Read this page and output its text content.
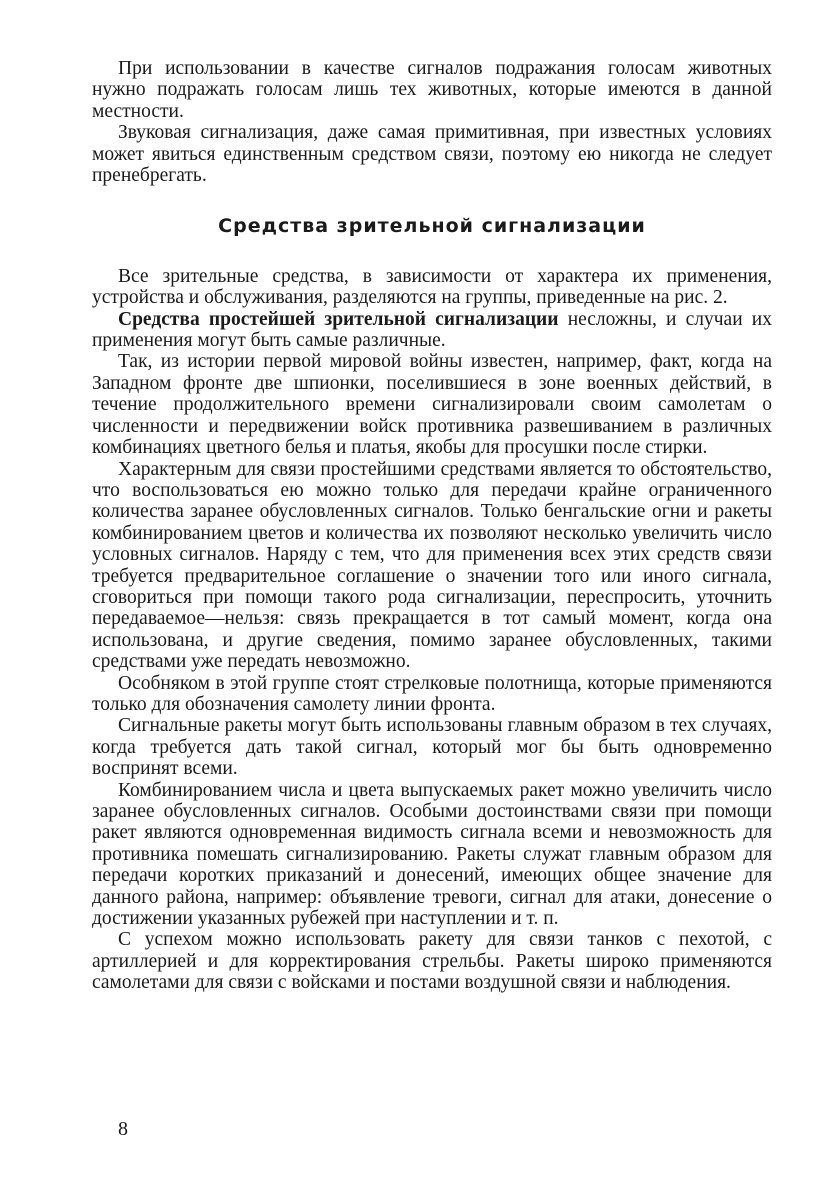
При использовании в качестве сигналов подражания голосам животных нужно подражать голосам лишь тех животных, которые имеются в данной местности.

Звуковая сигнализация, даже самая примитивная, при известных условиях может явиться единственным средством связи, поэтому ею никогда не следует пренебрегать.

Средства зрительной сигнализации

Все зрительные средства, в зависимости от характера их применения, устройства и обслуживания, разделяются на группы, приведенные на рис. 2.

Средства простейшей зрительной сигнализации несложны, и случаи их применения могут быть самые различные.

Так, из истории первой мировой войны известен, например, факт, когда на Западном фронте две шпионки, поселившиеся в зоне военных действий, в течение продолжительного времени сигнализировали своим самолетам о численности и передвижении войск противника развешиванием в различных комбинациях цветного белья и платья, якобы для просушки после стирки.

Характерным для связи простейшими средствами является то обстоятельство, что воспользоваться ею можно только для передачи крайне ограниченного количества заранее обусловленных сигналов. Только бенгальские огни и ракеты комбинированием цветов и количества их позволяют несколько увеличить число условных сигналов. Наряду с тем, что для применения всех этих средств связи требуется предварительное соглашение о значении того или иного сигнала, сговориться при помощи такого рода сигнализации, переспросить, уточнить передаваемое—нельзя: связь прекращается в тот самый момент, когда она использована, и другие сведения, помимо заранее обусловленных, такими средствами уже передать невозможно.

Особняком в этой группе стоят стрелковые полотнища, которые применяются только для обозначения самолету линии фронта.

Сигнальные ракеты могут быть использованы главным образом в тех случаях, когда требуется дать такой сигнал, который мог бы быть одновременно воспринят всеми.

Комбинированием числа и цвета выпускаемых ракет можно увеличить число заранее обусловленных сигналов. Особыми достоинствами связи при помощи ракет являются одновременная видимость сигнала всеми и невозможность для противника помешать сигнализированию. Ракеты служат главным образом для передачи коротких приказаний и донесений, имеющих общее значение для данного района, например: объявление тревоги, сигнал для атаки, донесение о достижении указанных рубежей при наступлении и т. п.

С успехом можно использовать ракету для связи танков с пехотой, с артиллерией и для корректирования стрельбы. Ракеты широко применяются самолетами для связи с войсками и постами воздушной связи и наблюдения.

8
